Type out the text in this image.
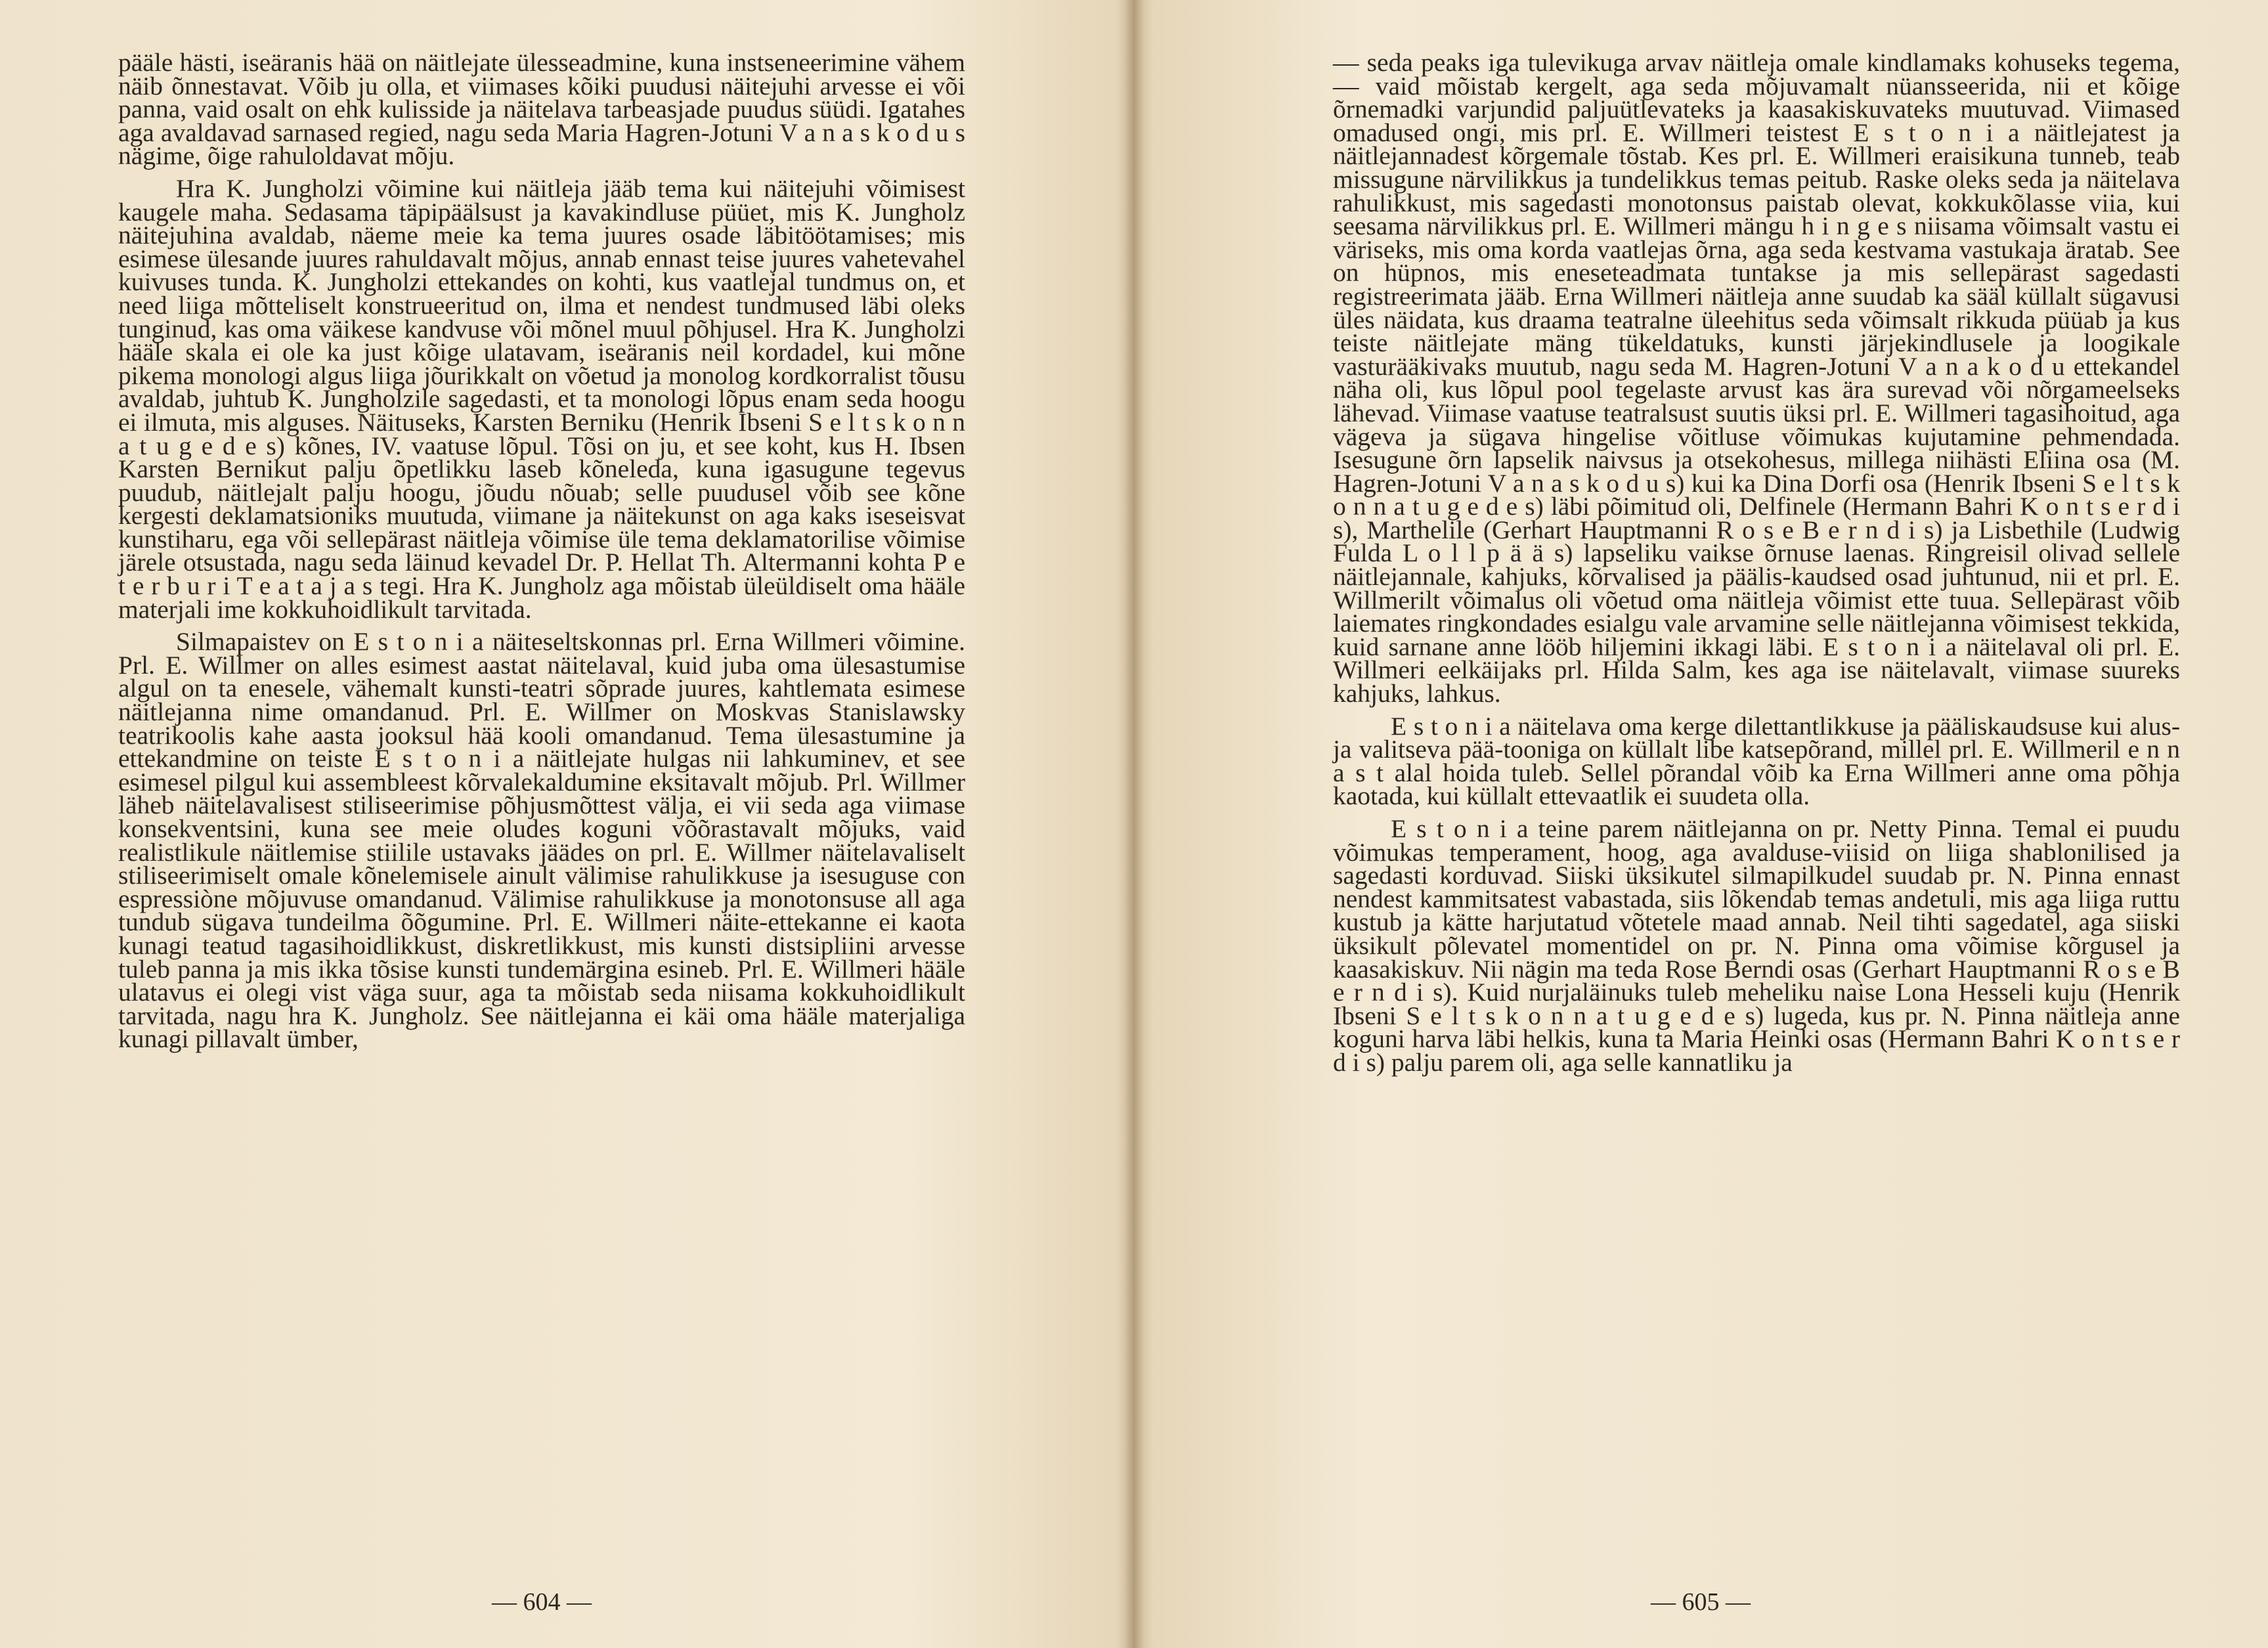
pääle hästi, iseäranis hää on näitlejate ülesseadmine, kuna instseneerimine vähem näib õnnestavat. Võib ju olla, et viimases kõiki puudusi näitejuhi arvesse ei või panna, vaid osalt on ehk kulisside ja näitelava tarbeasjade puudus süüdi. Igatahes aga avaldavad sarnased regied, nagu seda Maria Hagren-Jotuni V a n a s k o d u s nägime, õige rahuloldavat mõju.

Hra K. Jungholzi võimine kui näitleja jääb tema kui näitejuhi võimisest kaugele maha. Sedasama täpipäälsust ja kavakindluse püüet, mis K. Jungholz näitejuhina avaldab, näeme meie ka tema juures osade läbitöötamises; mis esimese ülesande juures rahuldavalt mõjus, annab ennast teise juures vahetevahel kuivuses tunda. K. Jungholzi ettekandes on kohti, kus vaatlejal tundmus on, et need liiga mõtteliselt konstrueeritud on, ilma et nendest tundmused läbi oleks tunginud, kas oma väikese kandvuse või mõnel muul põhjusel. Hra K. Jungholzi hääle skala ei ole ka just kõige ulatavam, iseäranis neil kordadel, kui mõne pikema monologi algus liiga jõurikkalt on võetud ja monolog kordkorralist tõusu avaldab, juhtub K. Jungholzile sagedasti, et ta monologi lõpus enam seda hoogu ei ilmuta, mis alguses. Näituseks, Karsten Berniku (Henrik Ibseni S e l t s k o n n a t u g e d e s) kõnes, IV. vaatuse lõpul. Tõsi on ju, et see koht, kus H. Ibsen Karsten Bernikut palju õpetlikku laseb kõneleda, kuna igasugune tegevus puudub, näitlejalt palju hoogu, jõudu nõuab; selle puudusel võib see kõne kergesti deklamatsioniks muutuda, viimane ja näitekunst on aga kaks iseseisvat kunstiharu, ega või sellepärast näitleja võimise üle tema deklamatorilise võimise järele otsustada, nagu seda läinud kevadel Dr. P. Hellat Th. Altermanni kohta P e t e r b u r i T e a t a j a s tegi. Hra K. Jungholz aga mõistab üleüldiselt oma hääle materjali ime kokkuhoidlikult tarvitada.

Silmapaistev on E s t o n i a näiteseltskonnas prl. Erna Willmeri võimine. Prl. E. Willmer on alles esimest aastat näitelaval, kuid juba oma ülesastumise algul on ta enesele, vähemalt kunsti-teatri sõprade juures, kahtlemata esimese näitlejanna nime omandanud. Prl. E. Willmer on Moskvas Stanislawsky teatrikoolis kahe aasta jooksul hää kooli omandanud. Tema ülesastumine ja ettekandmine on teiste E s t o n i a näitlejate hulgas nii lahkuminev, et see esimesel pilgul kui assembleest kõrvalekaldumine eksitavalt mõjub. Prl. Willmer läheb näitelavalisest stiliseerimise põhjusmõttest välja, ei vii seda aga viimase konsekventsini, kuna see meie oludes koguni võõrastavalt mõjuks, vaid realistlikule näitlemise stiilile ustavaks jäädes on prl. E. Willmer näitelavaliselt stiliseerimiselt omale kõnelemisele ainult välimise rahulikkuse ja isesuguse con espressiòne mõjuvuse omandanud. Välimise rahulikkuse ja monotonsuse all aga tundub sügava tundeilma õõgumine. Prl. E. Willmeri näite-ettekanne ei kaota kunagi teatud tagasihoidlikkust, diskretlikkust, mis kunsti distsipliini arvesse tuleb panna ja mis ikka tõsise kunsti tundemärgina esineb. Prl. E. Willmeri hääle ulatavus ei olegi vist väga suur, aga ta mõistab seda niisama kokkuhoidlikult tarvitada, nagu hra K. Jungholz. See näitlejanna ei käi oma hääle materjaliga kunagi pillavalt ümber,

— seda peaks iga tulevikuga arvav näitleja omale kindlamaks kohuseks tegema, — vaid mõistab kergelt, aga seda mõjuvamalt nüansseerida, nii et kõige õrnemadki varjundid paljuütlevateks ja kaasakiskuvateks muutuvad. Viimased omadused ongi, mis prl. E. Willmeri teistest E s t o n i a näitlejatest ja näitlejannadest kõrgemale tõstab. Kes prl. E. Willmeri eraisikuna tunneb, teab missugune närvilikkus ja tundelikkus temas peitub. Raske oleks seda ja näitelava rahulikkust, mis sagedasti monotonsus paistab olevat, kokkukõlasse viia, kui seesama närvilikkus prl. E. Willmeri mängu h i n g e s niisama võimsalt vastu ei väriseks, mis oma korda vaatlejas õrna, aga seda kestvama vastukaja äratab. See on hüpnos, mis eneseteadmata tuntakse ja mis sellepärast sagedasti registreerimata jääb. Erna Willmeri näitleja anne suudab ka sääl küllalt sügavusi üles näidata, kus draama teatralne üleehitus seda võimsalt rikkuda püüab ja kus teiste näitlejate mäng tükeldatuks, kunsti järjekindlusele ja loogikale vasturääkivaks muutub, nagu seda M. Hagren-Jotuni V a n a k o d u ettekandel näha oli, kus lõpul pool tegelaste arvust kas ära surevad või nõrgameelseks lähevad. Viimase vaatuse teatralsust suutis üksi prl. E. Willmeri tagasihoitud, aga vägeva ja sügava hingelise võitluse võimukas kujutamine pehmendada. Isesugune õrn lapselik naivsus ja otsekohesus, millega niihästi Eliina osa (M. Hagren-Jotuni V a n a s k o d u s) kui ka Dina Dorfi osa (Henrik Ibseni S e l t s k o n n a t u g e d e s) läbi põimitud oli, Delfinele (Hermann Bahri K o n t s e r d i s), Marthelile (Gerhart Hauptmanni R o s e B e r n d i s) ja Lisbethile (Ludwig Fulda L o l l p ä ä s) lapseliku vaikse õrnuse laenas. Ringreisil olivad sellele näitlejannale, kahjuks, kõrvalised ja päälis-kaudsed osad juhtunud, nii et prl. E. Willmerilt võimalus oli võetud oma näitleja võimist ette tuua. Sellepärast võib laiemates ringkondades esialgu vale arvamine selle näitlejanna võimisest tekkida, kuid sarnane anne lööb hiljemini ikkagi läbi. E s t o n i a näitelaval oli prl. E. Willmeri eelkäijaks prl. Hilda Salm, kes aga ise näitelavalt, viimase suureks kahjuks, lahkus.

E s t o n i a näitelava oma kerge dilettantlikkuse ja pääliskaudsuse kui alus- ja valitseva pää-tooniga on küllalt libe katsepõrand, millel prl. E. Willmeril e n n a s t alal hoida tuleb. Sellel põrandal võib ka Erna Willmeri anne oma põhja kaotada, kui küllalt ettevaatlik ei suudeta olla.

E s t o n i a teine parem näitlejanna on pr. Netty Pinna. Temal ei puudu võimukas temperament, hoog, aga avalduse-viisid on liiga shablonilised ja sagedasti korduvad. Siiski üksikutel silmapilkudel suudab pr. N. Pinna ennast nendest kammitsatest vabastada, siis lõkendab temas andetuli, mis aga liiga ruttu kustub ja kätte harjutatud võtetele maad annab. Neil tihti sagedatel, aga siiski üksikult põlevatel momentidel on pr. N. Pinna oma võimise kõrgusel ja kaasakiskuv. Nii nägin ma teda Rose Berndi osas (Gerhart Hauptmanni R o s e B e r n d i s). Kuid nurjaläinuks tuleb meheliku naise Lona Hesseli kuju (Henrik Ibseni S e l t s k o n n a t u g e d e s) lugeda, kus pr. N. Pinna näitleja anne koguni harva läbi helkis, kuna ta Maria Heinki osas (Hermann Bahri K o n t s e r d i s) palju parem oli, aga selle kannatliku ja

— 604 —	— 605 —
